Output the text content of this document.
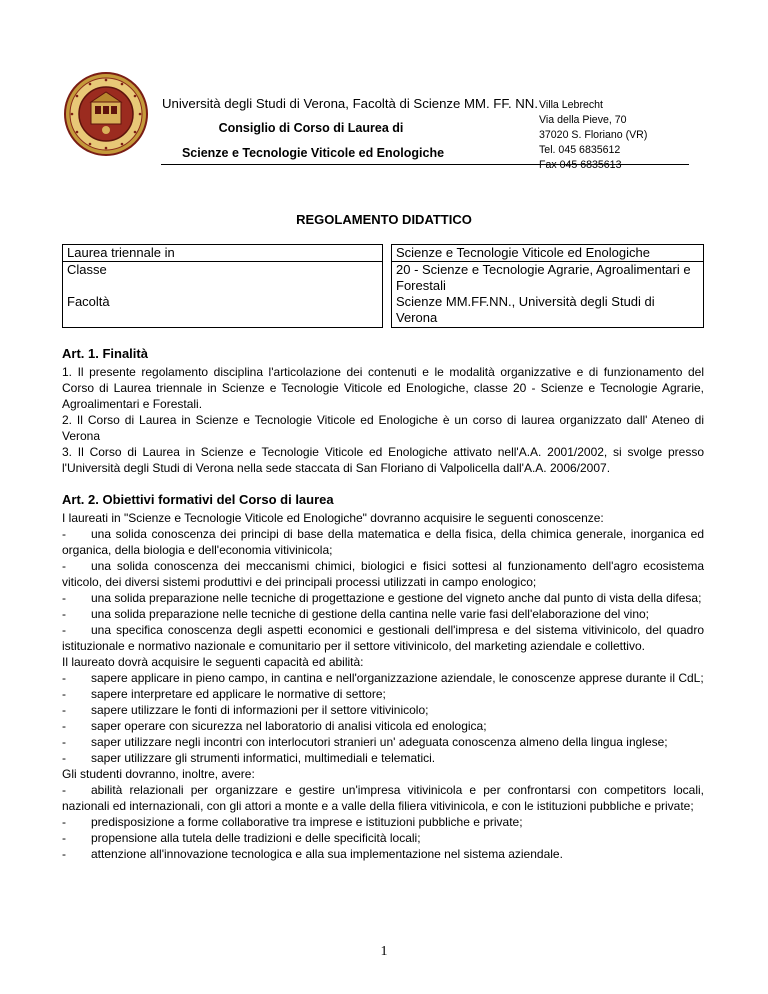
Università degli Studi di Verona, Facoltà di Scienze MM. FF. NN.
Consiglio di Corso di Laurea di
Scienze e Tecnologie Viticole ed Enologiche
Villa Lebrecht
Via della Pieve, 70
37020 S. Floriano (VR)
Tel. 045 6835612
Fax 045 6835613
REGOLAMENTO DIDATTICO
Laurea triennale in		Scienze e Tecnologie Viticole ed Enologiche
Classe		20 - Scienze e Tecnologie Agrarie, Agroalimentari e Forestali
Facoltà		Scienze MM.FF.NN., Università degli Studi di Verona
Art. 1. Finalità
1. Il presente regolamento disciplina l'articolazione dei contenuti e le modalità organizzative e di funzionamento del Corso di Laurea triennale in Scienze e Tecnologie Viticole ed Enologiche, classe 20 - Scienze e Tecnologie Agrarie, Agroalimentari e Forestali.
2. Il Corso di Laurea in Scienze e Tecnologie Viticole ed Enologiche è un corso di laurea organizzato dall' Ateneo di Verona
3. Il Corso di Laurea in Scienze e Tecnologie Viticole ed Enologiche attivato nell'A.A. 2001/2002, si svolge presso l'Università degli Studi di Verona nella sede staccata di San Floriano di Valpolicella dall'A.A. 2006/2007.
Art. 2. Obiettivi formativi del Corso di laurea
I laureati in "Scienze e Tecnologie Viticole ed Enologiche" dovranno acquisire le seguenti conoscenze:
- una solida conoscenza dei principi di base della matematica e della fisica, della chimica generale, inorganica ed organica, della biologia e dell'economia vitivinicola;
- una solida conoscenza dei meccanismi chimici, biologici e fisici sottesi al funzionamento dell'agro ecosistema viticolo, dei diversi sistemi produttivi e dei principali processi utilizzati in campo enologico;
- una solida preparazione nelle tecniche di progettazione e gestione del vigneto anche dal punto di vista della difesa;
- una solida preparazione nelle tecniche di gestione della cantina nelle varie fasi dell'elaborazione del vino;
- una specifica conoscenza degli aspetti economici e gestionali dell'impresa e del sistema vitivinicolo, del quadro istituzionale e normativo nazionale e comunitario per il settore vitivinicolo, del marketing aziendale e collettivo.
Il laureato dovrà acquisire le seguenti capacità ed abilità:
- sapere applicare in pieno campo, in cantina e nell'organizzazione aziendale, le conoscenze apprese durante il CdL;
- sapere interpretare ed applicare le normative di settore;
- sapere utilizzare le fonti di informazioni per il settore vitivinicolo;
- saper operare con sicurezza nel laboratorio di analisi viticola ed enologica;
- saper utilizzare negli incontri con interlocutori stranieri un' adeguata conoscenza almeno della lingua inglese;
- saper utilizzare gli strumenti informatici, multimediali e telematici.
Gli studenti dovranno, inoltre, avere:
- abilità relazionali per organizzare e gestire un'impresa vitivinicola e per confrontarsi con competitors locali, nazionali ed internazionali, con gli attori a monte e a valle della filiera vitivinicola, e con le istituzioni pubbliche e private;
- predisposizione a forme collaborative tra imprese e istituzioni pubbliche e private;
- propensione alla tutela delle tradizioni e delle specificità locali;
- attenzione all'innovazione tecnologica e alla sua implementazione nel sistema aziendale.
1
